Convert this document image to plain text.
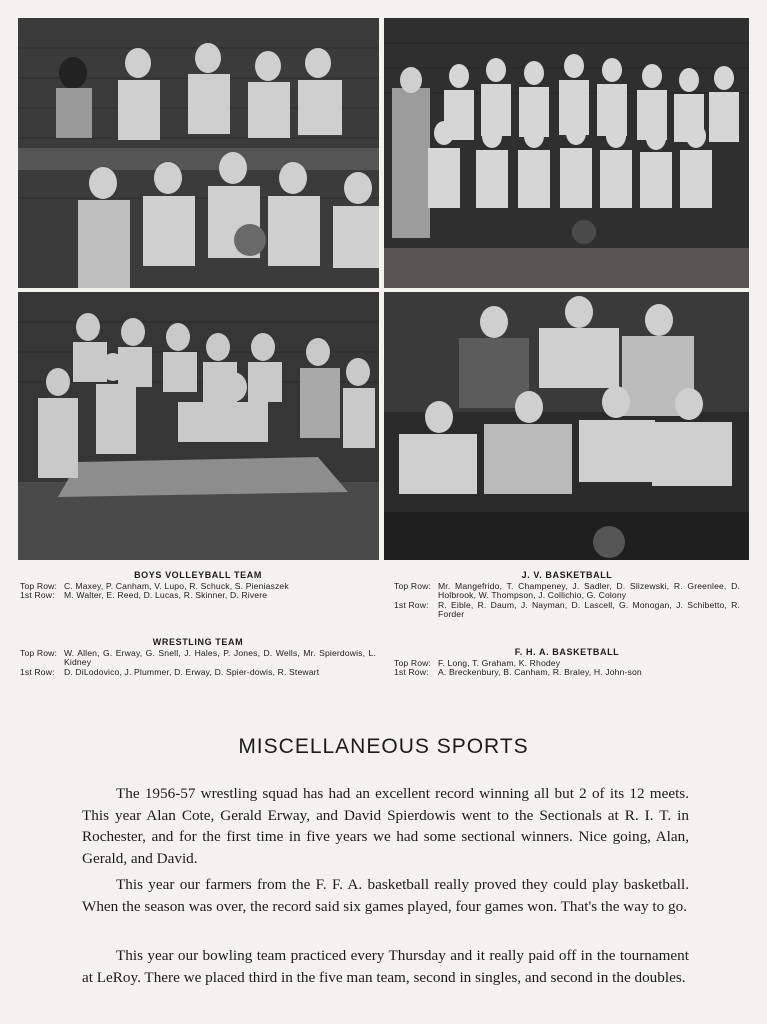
BOYS VOLLEYBALL TEAM
Top Row: C. Maxey, P. Canham, V. Lupo, R. Schuck, S. Pieniaszek
1st Row:	M. Walter, E. Reed, D. Lucas, R. Skinner, D. Rivere
WRESTLING TEAM
Top Row: W. Allen, G. Erway, G. Snell, J. Hales, P. Jones, D. Wells, Mr. Spierdowis, L. Kidney
1st Row:	D. DiLodovico, J. Plummer, D. Erway, D. Spier-dowis, R. Stewart
J. V. BASKETBALL
Top Row: Mr. Mangefrido, T. Champeney, J. Sadler, D. Slizewski, R. Greenlee, D. Holbrook, W. Thompson, J. Collichio, G. Colony
1st Row:	R. Eible, R. Daum, J. Nayman, D. Lascell, G. Monogan, J. Schibetto, R. Forder
F. H. A. BASKETBALL
Top Row: F. Long, T. Graham, K. Rhodey
1st Row:	A. Breckenbury, B. Canham, R. Braley, H. John-son
MISCELLANEOUS SPORTS

The 1956-57 wrestling squad has had an excellent record winning all but 2 of its 12 meets. This year Alan Cote, Gerald Erway, and David Spierdowis went to the Sectionals at R. I. T. in Rochester, and for the first time in five years we had some sectional winners. Nice going, Alan, Gerald, and David.

This year our farmers from the F. F. A. basketball really proved they could play basketball. When the season was over, the record said six games played, four games won. That's the way to go.

This year our bowling team practiced every Thursday and it really paid off in the tournament at LeRoy. There we placed third in the five man team, second in singles, and second in the doubles.
